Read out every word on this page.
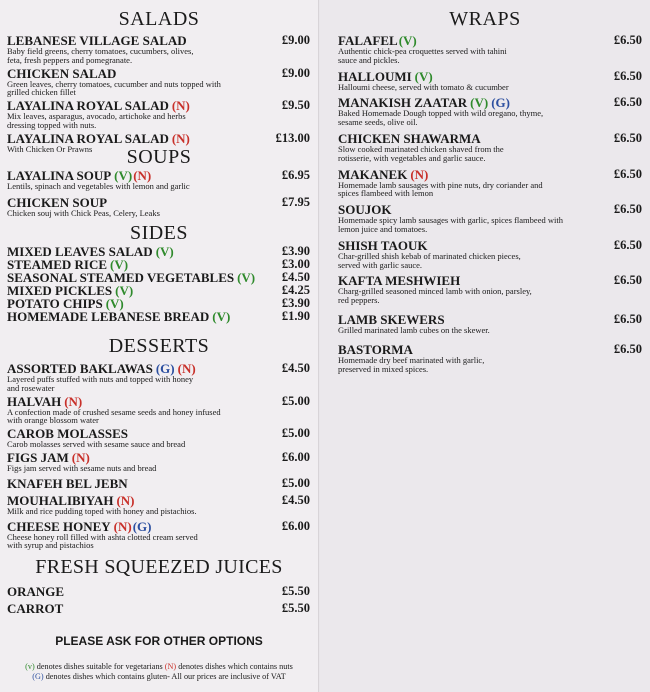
SALADS
LEBANESE VILLAGE SALAD	£9.00
Baby field greens, cherry tomatoes, cucumbers, olives, feta, fresh peppers and pomegranate.
CHICKEN SALAD	£9.00
Green leaves, cherry tomatoes, cucumber and nuts topped with grilled chicken fillet
LAYALINA ROYAL SALAD (N)	£9.50
Mix leaves, asparagus, avocado, artichoke and herbs dressing topped with nuts.
LAYALINA ROYAL SALAD (N)	£13.00
With Chicken Or Prawns	SOUPS
LAYALINA SOUP (V)(N)	£6.95
Lentils, spinach and vegetables with lemon and garlic
CHICKEN SOUP	£7.95
Chicken souj with Chick Peas, Celery, Leaks
SIDES
MIXED LEAVES SALAD (V)	£3.90
STEAMED RICE (V)	£3.00
SEASONAL STEAMED VEGETABLES (V)	£4.50
MIXED PICKLES (V)	£4.25
POTATO CHIPS (V)	£3.90
HOMEMADE LEBANESE BREAD (V)	£1.90
DESSERTS
ASSORTED BAKLAWAS (G) (N)	£4.50
Layered puffs stuffed with nuts and topped with honey and rosewater
HALVAH (N)	£5.00
A confection made of crushed sesame seeds and honey infused with orange blossom water
CAROB MOLASSES	£5.00
Carob molasses served with sesame sauce and bread
FIGS JAM (N)	£6.00
Figs jam served with sesame nuts and bread
KNAFEH BEL JEBN	£5.00
MOUHALIBIYAH (N)	£4.50
Milk and rice pudding toped with honey and pistachios.
CHEESE HONEY (N)(G)	£6.00
Cheese honey roll filled with ashta clotted cream served with syrup and pistachios
FRESH SQUEEZED JUICES
ORANGE	£5.50
CARROT	£5.50
PLEASE ASK FOR OTHER OPTIONS
(v) denotes dishes suitable for vegetarians (N) denotes dishes which contains nuts
(G) denotes dishes which contains gluten- All our prices are inclusive of VAT
WRAPS
FALAFEL(V)	£6.50
Authentic chick-pea croquettes served with tahini sauce and pickles.
HALLOUMI (V)	£6.50
Halloumi cheese, served with tomato & cucumber
MANAKISH ZAATAR (V) (G)	£6.50
Baked Homemade Dough topped with wild oregano, thyme, sesame seeds, olive oil.
CHICKEN SHAWARMA	£6.50
Slow cooked marinated chicken shaved from the rotisserie, with vegetables and garlic sauce.
MAKANEK (N)	£6.50
Homemade lamb sausages with pine nuts, dry coriander and spices flambeed with lemon
SOUJOK	£6.50
Homemade spicy lamb sausages with garlic, spices flambeed with lemon juice and tomatoes.
SHISH TAOUK	£6.50
Char-grilled shish kebab of marinated chicken pieces, served with garlic sauce.
KAFTA MESHWIEH	£6.50
Charg-grilled seasoned minced lamb with onion, parsley, red peppers.
LAMB SKEWERS	£6.50
Grilled marinated lamb cubes on the skewer.
BASTORMA	£6.50
Homemade dry beef marinated with garlic, preserved in mixed spices.
